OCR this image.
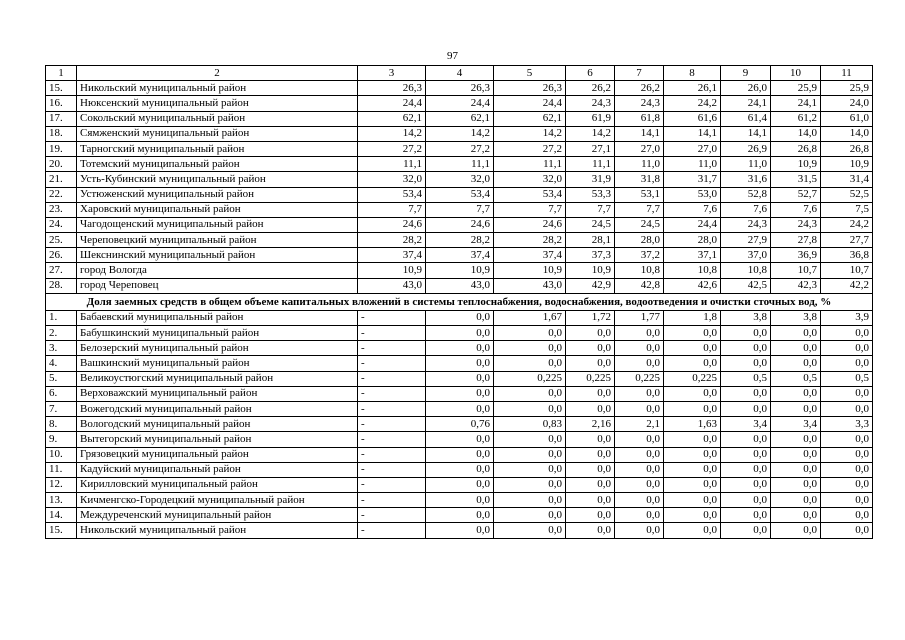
97
1	2	3	4	5	6	7	8	9	10	11
15.	Никольский муниципальный район	26,3	26,3	26,3	26,2	26,2	26,1	26,0	25,9	25,9
16.	Нюксенский муниципальный район	24,4	24,4	24,4	24,3	24,3	24,2	24,1	24,1	24,0
17.	Сокольский муниципальный район	62,1	62,1	62,1	61,9	61,8	61,6	61,4	61,2	61,0
18.	Сямженский муниципальный район	14,2	14,2	14,2	14,2	14,1	14,1	14,1	14,0	14,0
19.	Тарногский муниципальный район	27,2	27,2	27,2	27,1	27,0	27,0	26,9	26,8	26,8
20.	Тотемский муниципальный район	11,1	11,1	11,1	11,1	11,0	11,0	11,0	10,9	10,9
21.	Усть-Кубинский муниципальный район	32,0	32,0	32,0	31,9	31,8	31,7	31,6	31,5	31,4
22.	Устюженский муниципальный район	53,4	53,4	53,4	53,3	53,1	53,0	52,8	52,7	52,5
23.	Харовский муниципальный район	7,7	7,7	7,7	7,7	7,7	7,6	7,6	7,6	7,5
24.	Чагодощенский муниципальный район	24,6	24,6	24,6	24,5	24,5	24,4	24,3	24,3	24,2
25.	Череповецкий муниципальный район	28,2	28,2	28,2	28,1	28,0	28,0	27,9	27,8	27,7
26.	Шекснинский муниципальный район	37,4	37,4	37,4	37,3	37,2	37,1	37,0	36,9	36,8
27.	город Вологда	10,9	10,9	10,9	10,9	10,8	10,8	10,8	10,7	10,7
28.	город Череповец	43,0	43,0	43,0	42,9	42,8	42,6	42,5	42,3	42,2
Доля заемных средств в общем объеме капитальных вложений в системы теплоснабжения, водоснабжения, водоотведения и очистки сточных вод, %										
1.	Бабаевский муниципальный район	-	0,0	1,67	1,72	1,77	1,8	3,8	3,8	3,9
2.	Бабушкинский муниципальный район	-	0,0	0,0	0,0	0,0	0,0	0,0	0,0	0,0
3.	Белозерский муниципальный район	-	0,0	0,0	0,0	0,0	0,0	0,0	0,0	0,0
4.	Вашкинский муниципальный район	-	0,0	0,0	0,0	0,0	0,0	0,0	0,0	0,0
5.	Великоустюгский муниципальный район	-	0,0	0,225	0,225	0,225	0,225	0,5	0,5	0,5
6.	Верховажский муниципальный район	-	0,0	0,0	0,0	0,0	0,0	0,0	0,0	0,0
7.	Вожегодский муниципальный район	-	0,0	0,0	0,0	0,0	0,0	0,0	0,0	0,0
8.	Вологодский муниципальный район	-	0,76	0,83	2,16	2,1	1,63	3,4	3,4	3,3
9.	Вытегорский муниципальный район	-	0,0	0,0	0,0	0,0	0,0	0,0	0,0	0,0
10.	Грязовецкий муниципальный район	-	0,0	0,0	0,0	0,0	0,0	0,0	0,0	0,0
11.	Кадуйский муниципальный район	-	0,0	0,0	0,0	0,0	0,0	0,0	0,0	0,0
12.	Кирилловский муниципальный район	-	0,0	0,0	0,0	0,0	0,0	0,0	0,0	0,0
13.	Кичменгско-Городецкий муниципальный район	-	0,0	0,0	0,0	0,0	0,0	0,0	0,0	0,0
14.	Междуреченский муниципальный район	-	0,0	0,0	0,0	0,0	0,0	0,0	0,0	0,0
15.	Никольский муниципальный район	-	0,0	0,0	0,0	0,0	0,0	0,0	0,0	0,0
